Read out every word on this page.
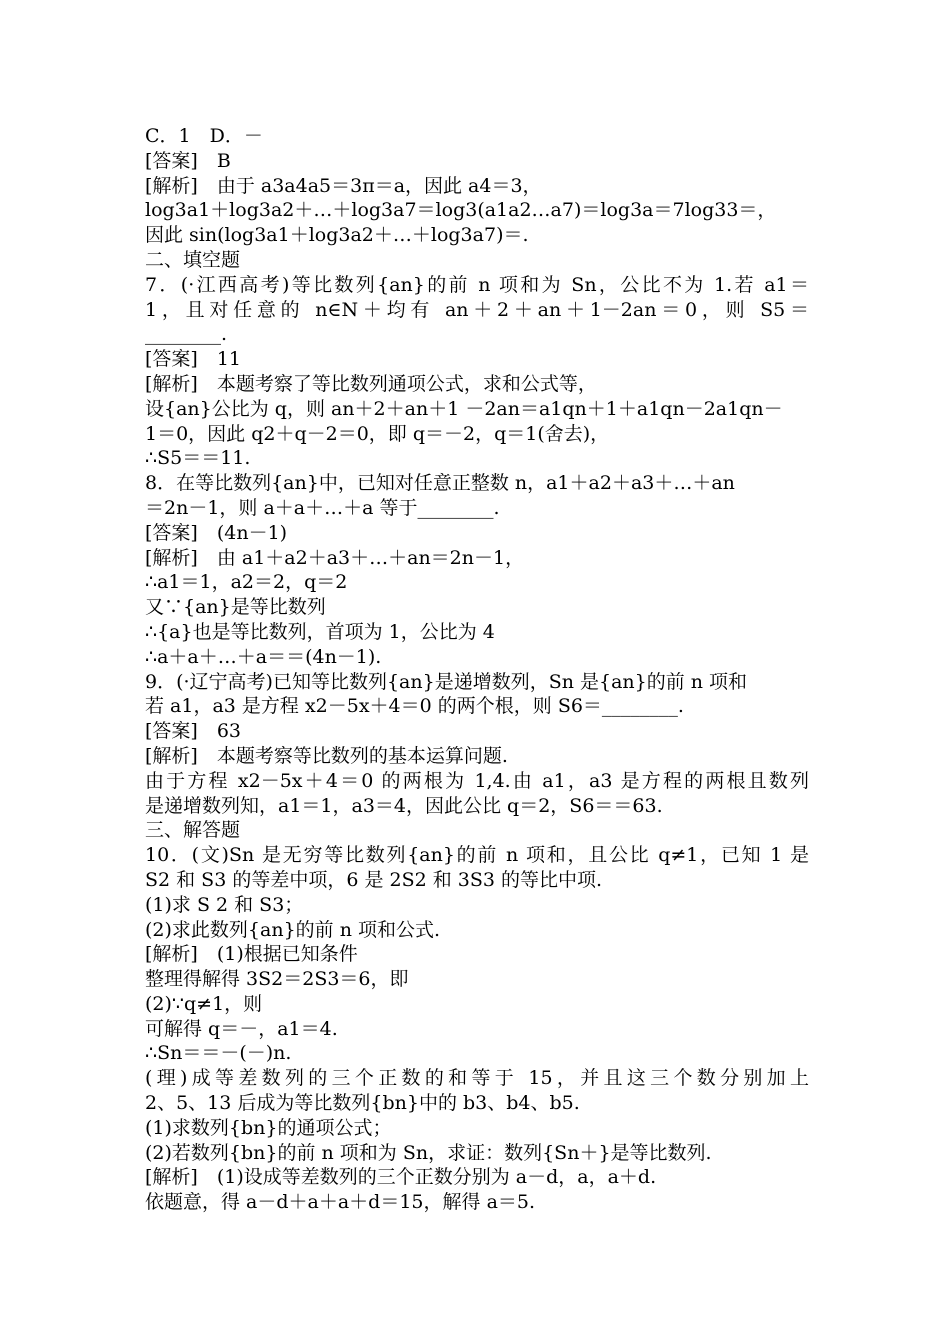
C．1　D．－
[答案]　B
[解析]　由于 a3a4a5＝3π＝a，因此 a4＝3，
log3a1＋log3a2＋…＋log3a7＝log3(a1a2…a7)＝log3a＝7log33＝，
因此 sin(log3a1＋log3a2＋…＋log3a7)＝.
二、填空题
7．(·江西高考)等比数列{an}的前 n 项和为 Sn，公比不为 1.若 a1＝
1，且对任意的 n∈N＋均有 an＋2＋an＋1－2an＝0，则 S5＝
________.
[答案]　11
[解析]　本题考察了等比数列通项公式，求和公式等，
设{an}公比为 q，则 an＋2＋an＋1 －2an＝a1qn＋1＋a1qn－2a1qn－
1＝0，因此 q2＋q－2＝0，即 q＝－2，q＝1(舍去)，
∴S5＝＝11.
8．在等比数列{an}中，已知对任意正整数 n，a1＋a2＋a3＋…＋an
＝2n－1，则 a＋a＋…＋a 等于________.
[答案]　(4n－1)
[解析]　由 a1＋a2＋a3＋…＋an＝2n－1，
∴a1＝1，a2＝2，q＝2
又∵{an}是等比数列
∴{a}也是等比数列，首项为 1，公比为 4
∴a＋a＋…＋a＝＝(4n－1).
9．(·辽宁高考)已知等比数列{an}是递增数列，Sn 是{an}的前 n 项和
若 a1，a3 是方程 x2－5x＋4＝0 的两个根，则 S6＝________.
[答案]　63
[解析]　本题考察等比数列的基本运算问题.
由于方程 x2－5x＋4＝0 的两根为 1,4.由 a1，a3 是方程的两根且数列
是递增数列知，a1＝1，a3＝4，因此公比 q＝2，S6＝＝63.
三、解答题
10．(文)Sn 是无穷等比数列{an}的前 n 项和，且公比 q≠1，已知 1 是
S2 和 S3 的等差中项，6 是 2S2 和 3S3 的等比中项.
(1)求 S 2 和 S3；
(2)求此数列{an}的前 n 项和公式.
[解析]　(1)根据已知条件
整理得解得 3S2＝2S3＝6，即
(2)∵q≠1，则
可解得 q＝－，a1＝4.
∴Sn＝＝－(－)n.
(理)成等差数列的三个正数的和等于 15，并且这三个数分别加上
2、5、13 后成为等比数列{bn}中的 b3、b4、b5.
(1)求数列{bn}的通项公式；
(2)若数列{bn}的前 n 项和为 Sn，求证：数列{Sn＋}是等比数列.
[解析]　(1)设成等差数列的三个正数分别为 a－d，a，a＋d.
依题意，得 a－d＋a＋a＋d＝15，解得 a＝5.
